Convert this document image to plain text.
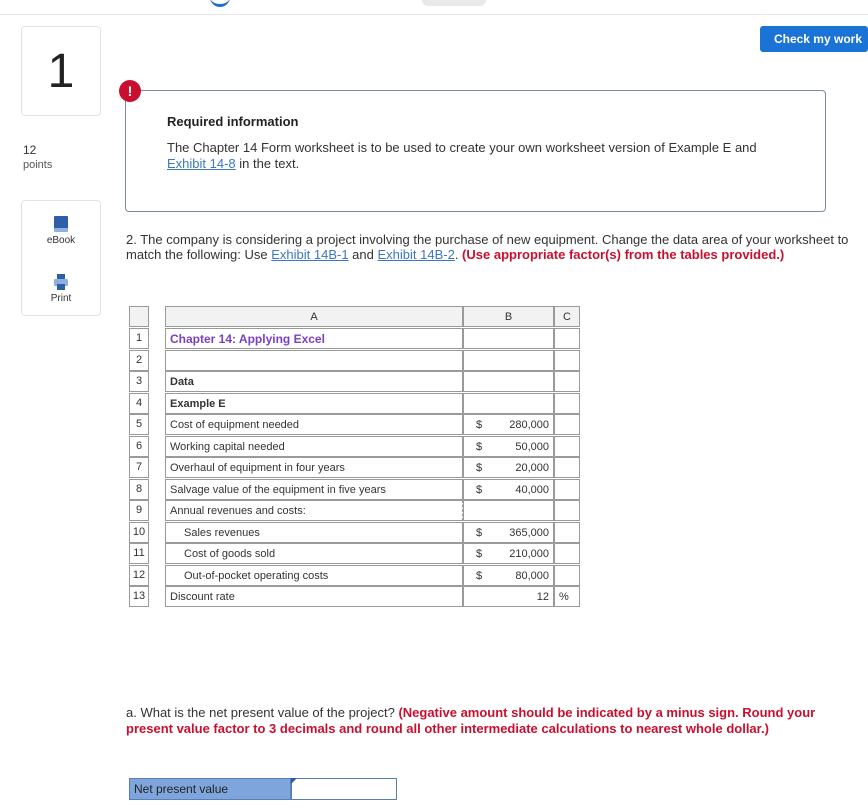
1
12
points
eBook
Print
Check my work
Required information
The Chapter 14 Form worksheet is to be used to create your own worksheet version of Example E and Exhibit 14-8 in the text.
!
2. The company is considering a project involving the purchase of new equipment. Change the data area of your worksheet to match the following: Use Exhibit 14B-1 and Exhibit 14B-2. (Use appropriate factor(s) from the tables provided.)
A	B	C
1	Chapter 14: Applying Excel
2
3	Data
4	Example E
5	Cost of equipment needed	$ 280,000
6	Working capital needed	$	50,000
7	Overhaul of equipment in four years	$	20,000
8	Salvage value of the equipment in five years	$	40,000
9	Annual revenues and costs:
10	Sales revenues	$ 365,000
11	Cost of goods sold	$ 210,000
12	Out-of-pocket operating costs	$	80,000
13	Discount rate	12 %
a. What is the net present value of the project? (Negative amount should be indicated by a minus sign. Round your present value factor to 3 decimals and round all other intermediate calculations to nearest whole dollar.)
Net present value
